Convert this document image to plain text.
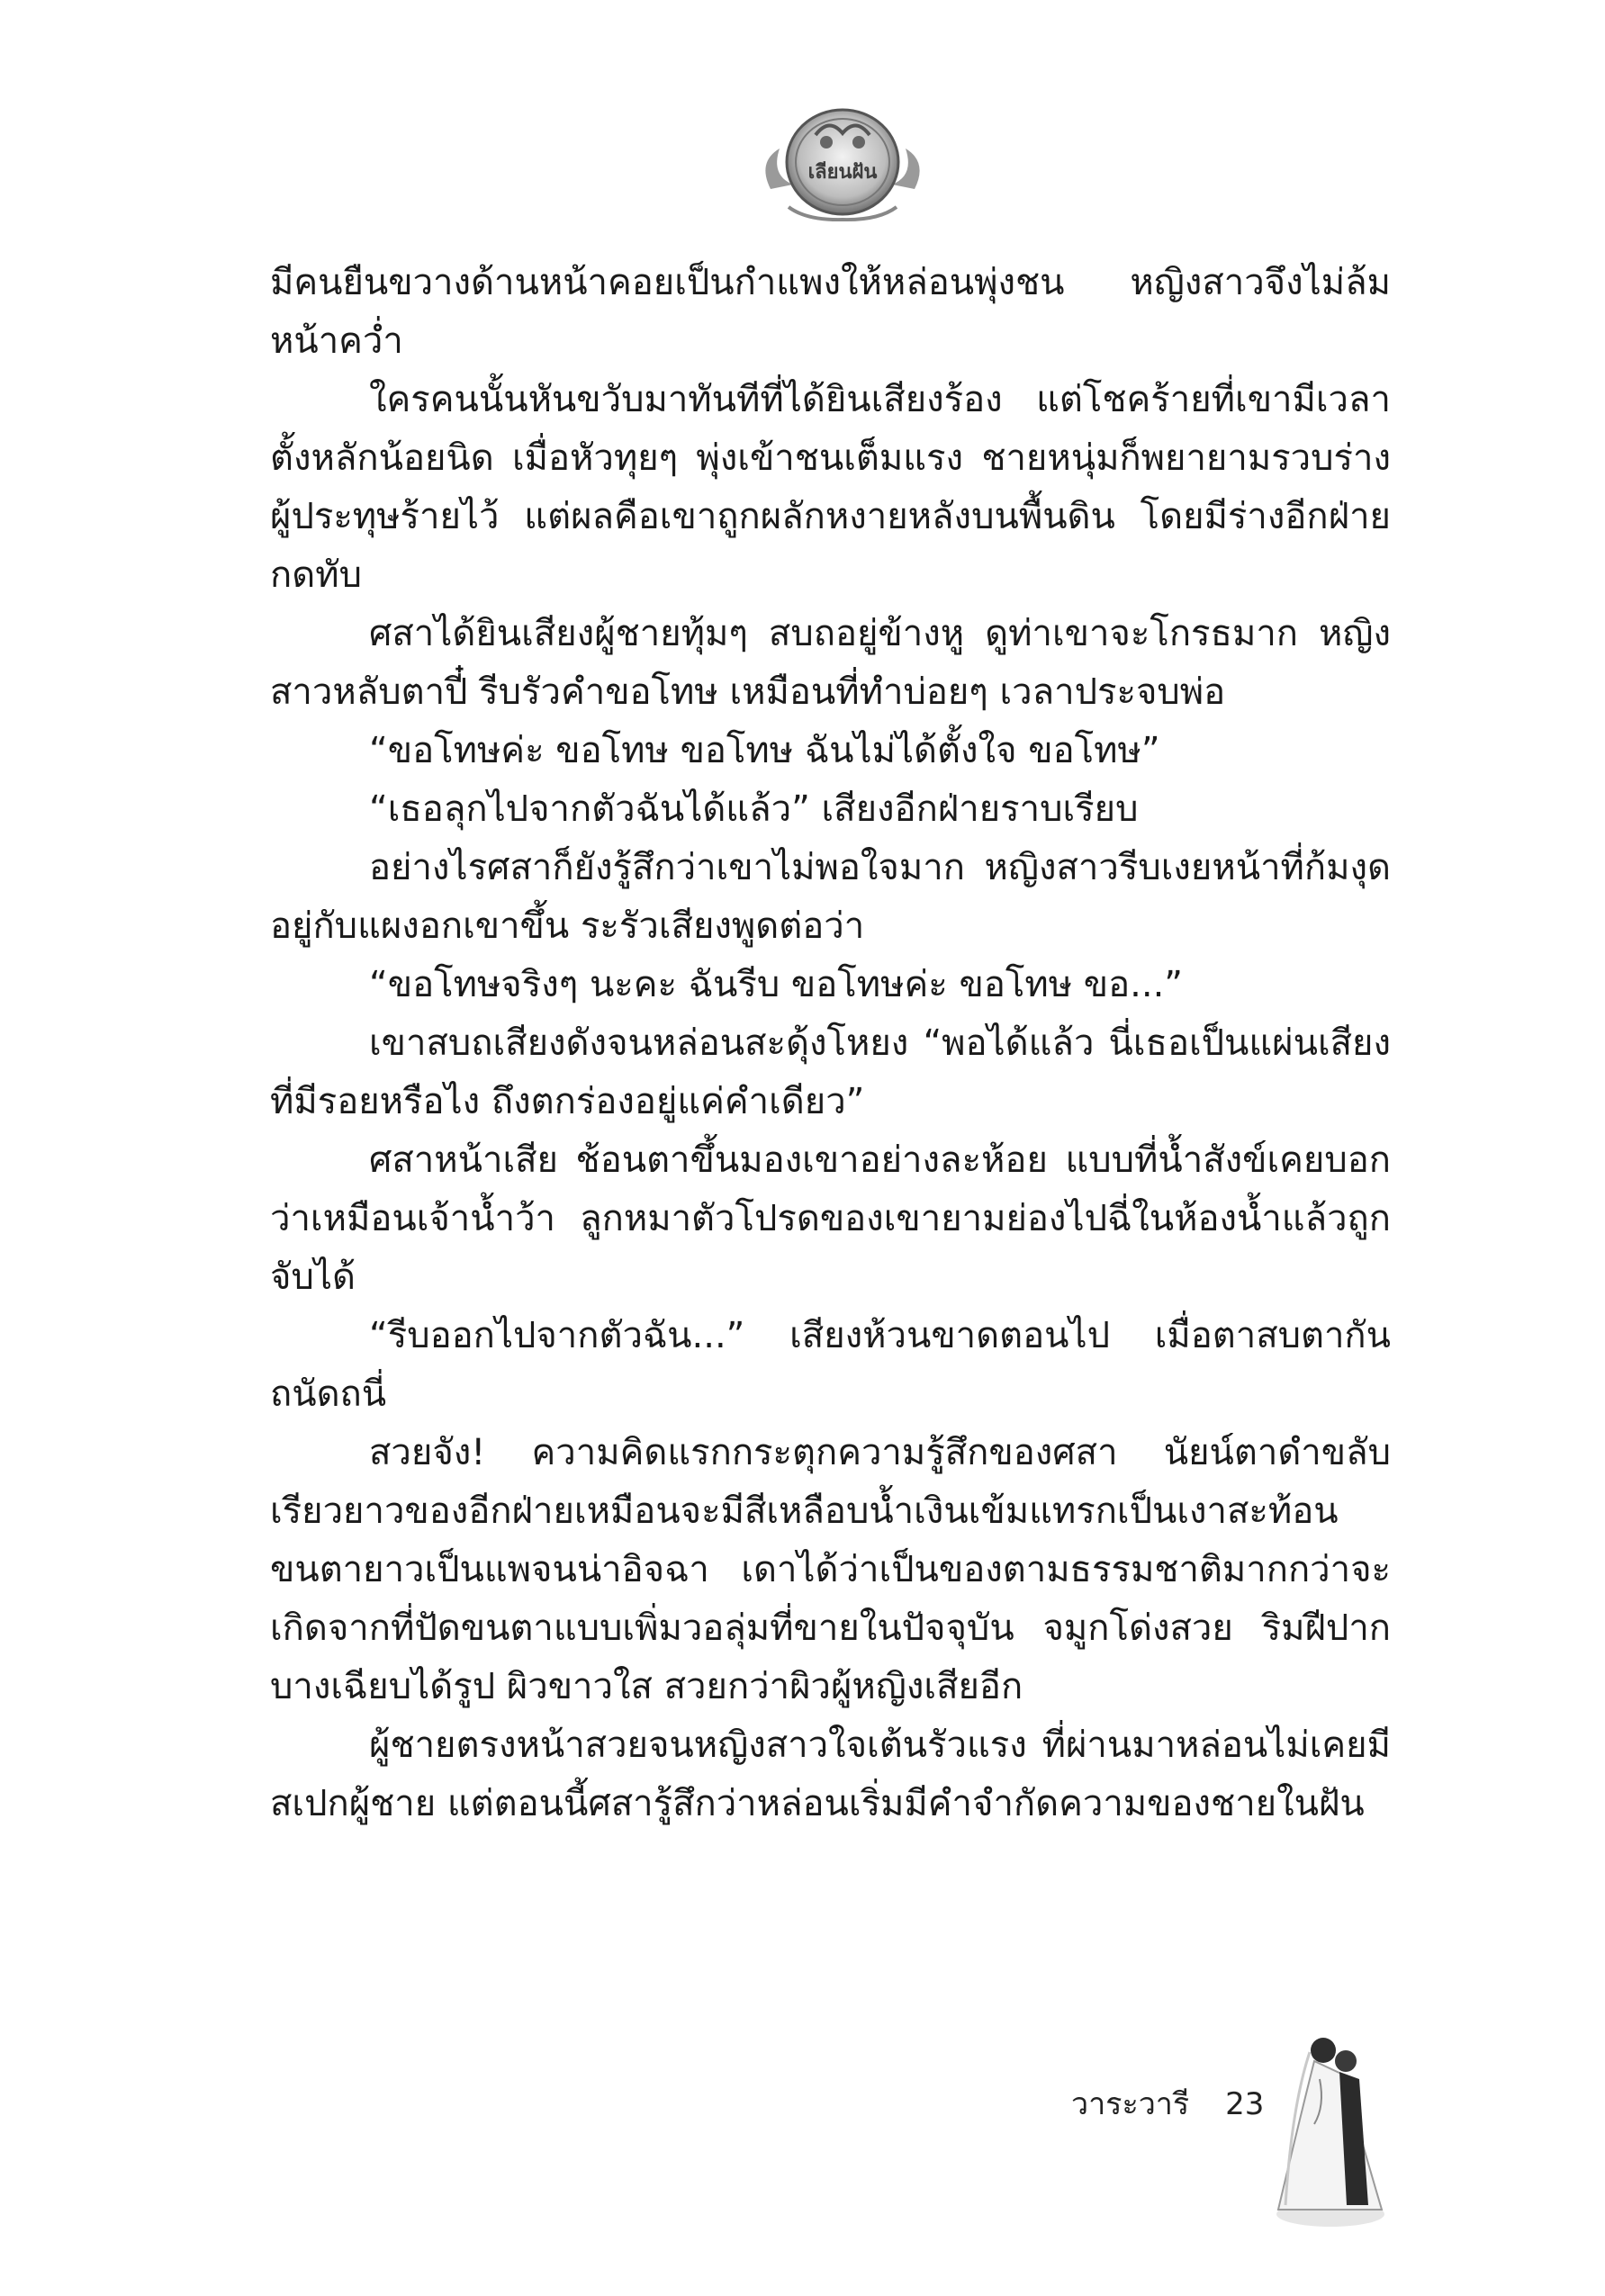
เลียนฝัน

มีคนยืนขวางด้านหน้าคอยเป็นกำแพงให้หล่อนพุ่งชน หญิงสาวจึงไม่ล้มหน้าคว่ำ

ใครคนนั้นหันขวับมาทันทีที่ได้ยินเสียงร้อง แต่โชคร้ายที่เขามีเวลาตั้งหลักน้อยนิด เมื่อหัวทุยๆ พุ่งเข้าชนเต็มแรง ชายหนุ่มก็พยายามรวบร่างผู้ประทุษร้ายไว้ แต่ผลคือเขาถูกผลักหงายหลังบนพื้นดิน โดยมีร่างอีกฝ่ายกดทับ

ศสาได้ยินเสียงผู้ชายทุ้มๆ สบถอยู่ข้างหู ดูท่าเขาจะโกรธมาก หญิงสาวหลับตาปี๋ รีบรัวคำขอโทษ เหมือนที่ทำบ่อยๆ เวลาประจบพ่อ

“ขอโทษค่ะ ขอโทษ ขอโทษ ฉันไม่ได้ตั้งใจ ขอโทษ”

“เธอลุกไปจากตัวฉันได้แล้ว” เสียงอีกฝ่ายราบเรียบ

อย่างไรศสาก็ยังรู้สึกว่าเขาไม่พอใจมาก หญิงสาวรีบเงยหน้าที่ก้มงุดอยู่กับแผงอกเขาขึ้น ระรัวเสียงพูดต่อว่า

“ขอโทษจริงๆ นะคะ ฉันรีบ ขอโทษค่ะ ขอโทษ ขอ...”

เขาสบถเสียงดังจนหล่อนสะดุ้งโหยง “พอได้แล้ว นี่เธอเป็นแผ่นเสียงที่มีรอยหรือไง ถึงตกร่องอยู่แค่คำเดียว”

ศสาหน้าเสีย ช้อนตาขึ้นมองเขาอย่างละห้อย แบบที่น้ำสังข์เคยบอกว่าเหมือนเจ้าน้ำว้า ลูกหมาตัวโปรดของเขายามย่องไปฉี่ในห้องน้ำแล้วถูกจับได้

“รีบออกไปจากตัวฉัน...” เสียงห้วนขาดตอนไป เมื่อตาสบตากันถนัดถนี่

สวยจัง! ความคิดแรกกระตุกความรู้สึกของศสา นัยน์ตาดำขลับเรียวยาวของอีกฝ่ายเหมือนจะมีสีเหลือบน้ำเงินเข้มแทรกเป็นเงาสะท้อน ขนตายาวเป็นแพจนน่าอิจฉา เดาได้ว่าเป็นของตามธรรมชาติมากกว่าจะเกิดจากที่ปัดขนตาแบบเพิ่มวอลุ่มที่ขายในปัจจุบัน จมูกโด่งสวย ริมฝีปากบางเฉียบได้รูป ผิวขาวใส สวยกว่าผิวผู้หญิงเสียอีก

ผู้ชายตรงหน้าสวยจนหญิงสาวใจเต้นรัวแรง ที่ผ่านมาหล่อนไม่เคยมีสเปกผู้ชาย แต่ตอนนี้ศสารู้สึกว่าหล่อนเริ่มมีคำจำกัดความของชายในฝัน

วาระวารี 23
